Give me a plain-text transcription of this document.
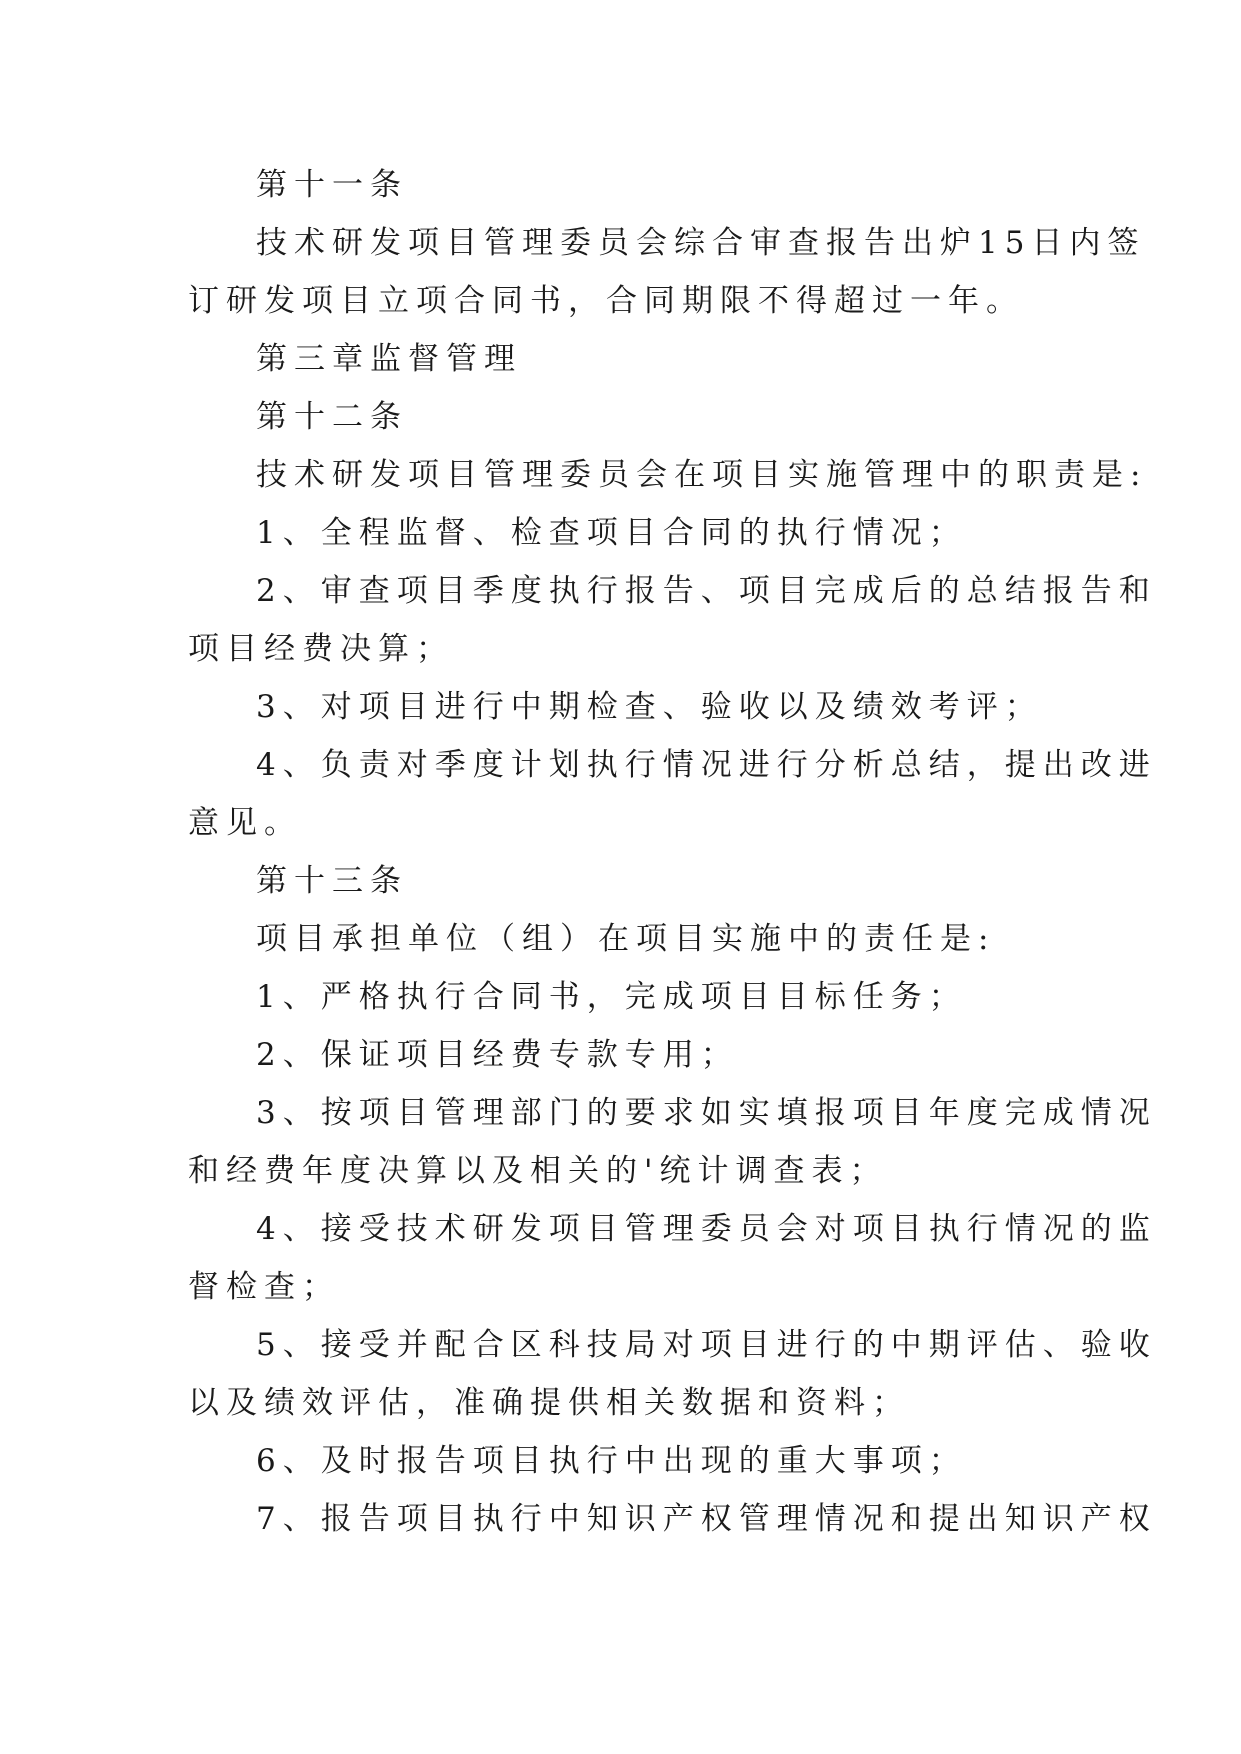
第十一条
技术研发项目管理委员会综合审查报告出炉15日内签
订研发项目立项合同书，合同期限不得超过一年。
第三章监督管理
第十二条
技术研发项目管理委员会在项目实施管理中的职责是:
1、全程监督、检查项目合同的执行情况；
2、审查项目季度执行报告、项目完成后的总结报告和
项目经费决算；
3、对项目进行中期检查、验收以及绩效考评；
4、负责对季度计划执行情况进行分析总结，提出改进
意见。
第十三条
项目承担单位（组）在项目实施中的责任是:
1、严格执行合同书，完成项目目标任务；
2、保证项目经费专款专用；
3、按项目管理部门的要求如实填报项目年度完成情况
和经费年度决算以及相关的'统计调查表；
4、接受技术研发项目管理委员会对项目执行情况的监
督检查；
5、接受并配合区科技局对项目进行的中期评估、验收
以及绩效评估，准确提供相关数据和资料；
6、及时报告项目执行中出现的重大事项；
7、报告项目执行中知识产权管理情况和提出知识产权
